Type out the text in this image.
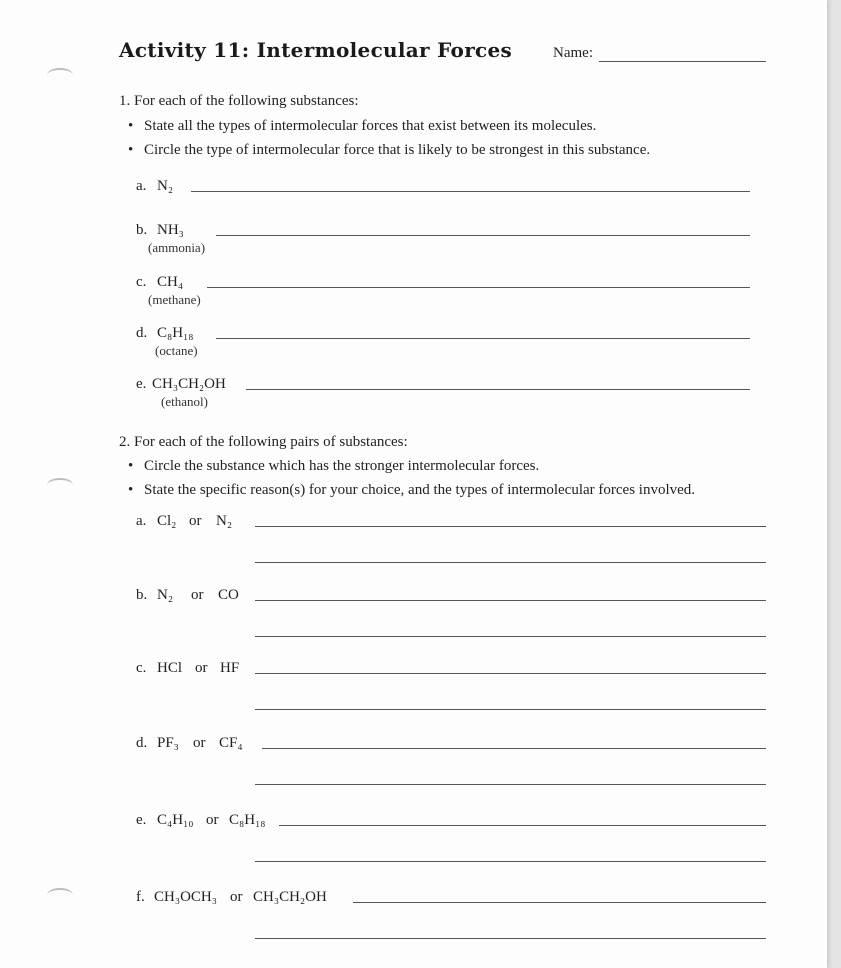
Activity 11: Intermolecular Forces	Name:
1. For each of the following substances:
• State all the types of intermolecular forces that exist between its molecules.
• Circle the type of intermolecular force that is likely to be strongest in this substance.
a. N₂
b. NH₃
(ammonia)
c. CH₄
(methane)
d. C₈H₁₈
(octane)
e. CH₃CH₂OH
(ethanol)
2. For each of the following pairs of substances:
• Circle the substance which has the stronger intermolecular forces.
• State the specific reason(s) for your choice, and the types of intermolecular forces involved.
a. Cl₂ or N₂
b. N₂ or CO
c. HCl or HF
d. PF₃ or CF₄
e. C₄H₁₀ or C₈H₁₈
f. CH₃OCH₃ or CH₃CH₂OH
